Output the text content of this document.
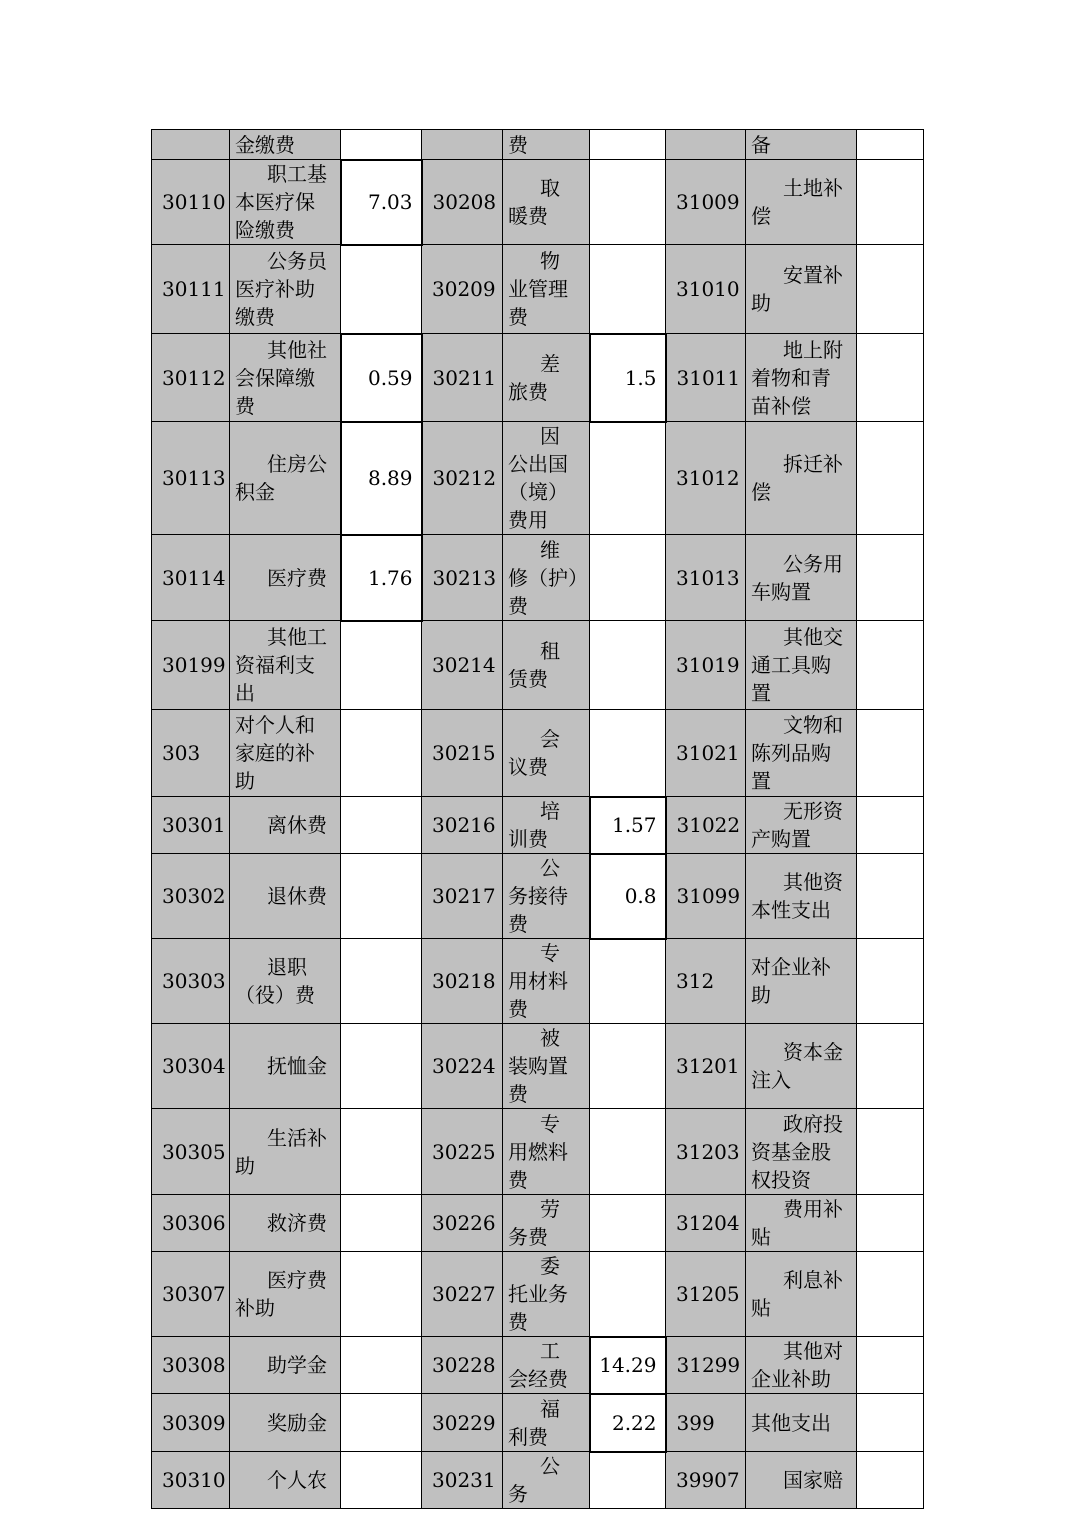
	金缴费			费			备	
30110	职工基本医疗保险缴费	7.03	30208	取暖费		31009	土地补偿	
30111	公务员医疗补助缴费		30209	物业管理费		31010	安置补助	
30112	其他社会保障缴费	0.59	30211	差旅费	1.5	31011	地上附着物和青苗补偿	
30113	住房公积金	8.89	30212	因公出国（境）费用		31012	拆迁补偿	
30114	医疗费	1.76	30213	维修（护）费		31013	公务用车购置	
30199	其他工资福利支出		30214	租赁费		31019	其他交通工具购置	
303	对个人和家庭的补助		30215	会议费		31021	文物和陈列品购置	
30301	离休费		30216	培训费	1.57	31022	无形资产购置	
30302	退休费		30217	公务接待费	0.8	31099	其他资本性支出	
30303	退职（役）费		30218	专用材料费		312	对企业补助	
30304	抚恤金		30224	被装购置费		31201	资本金注入	
30305	生活补助		30225	专用燃料费		31203	政府投资基金股权投资	
30306	救济费		30226	劳务费		31204	费用补贴	
30307	医疗费补助		30227	委托业务费		31205	利息补贴	
30308	助学金		30228	工会经费	14.29	31299	其他对企业补助	
30309	奖励金		30229	福利费	2.22	399	其他支出	
30310	个人农		30231	公务		39907	国家赔	
